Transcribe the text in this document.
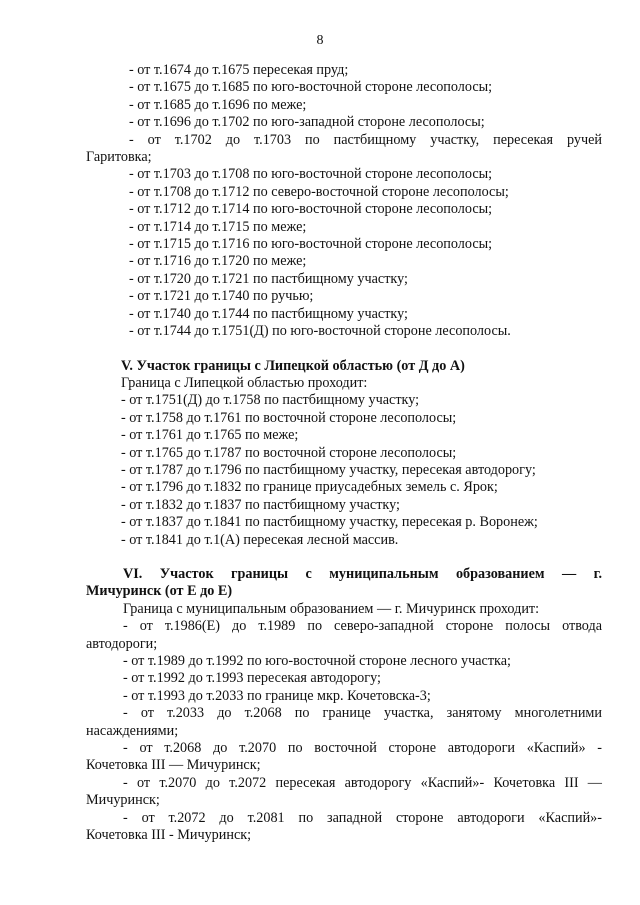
8
- от т.1674 до т.1675 пересекая пруд;
- от т.1675 до т.1685 по юго-восточной стороне лесополосы;
- от т.1685 до т.1696 по меже;
- от т.1696 до т.1702 по юго-западной стороне лесополосы;
- от т.1702 до т.1703 по пастбищному участку, пересекая ручей
Гаритовка;
- от т.1703 до т.1708 по юго-восточной стороне лесополосы;
- от т.1708 до т.1712 по северо-восточной стороне лесополосы;
- от т.1712 до т.1714 по юго-восточной стороне лесополосы;
- от т.1714 до т.1715 по меже;
- от т.1715 до т.1716 по юго-восточной стороне лесополосы;
- от т.1716 до т.1720 по меже;
- от т.1720 до т.1721 по пастбищному участку;
- от т.1721 до т.1740 по ручью;
- от т.1740 до т.1744 по пастбищному участку;
- от т.1744 до т.1751(Д) по юго-восточной стороне лесополосы.
V. Участок границы с Липецкой областью (от Д до А)
Граница с Липецкой областью проходит:
- от т.1751(Д) до т.1758 по пастбищному участку;
- от т.1758 до т.1761 по восточной стороне лесополосы;
- от т.1761 до т.1765 по меже;
- от т.1765 до т.1787 по восточной стороне лесополосы;
- от т.1787 до т.1796 по пастбищному участку, пересекая автодорогу;
- от т.1796 до т.1832 по границе приусадебных земель с. Ярок;
- от т.1832 до т.1837 по пастбищному участку;
- от т.1837 до т.1841 по пастбищному участку, пересекая р. Воронеж;
- от т.1841 до т.1(А) пересекая лесной массив.
VI. Участок границы с муниципальным образованием — г.
Мичуринск (от Е до Е)
Граница с муниципальным образованием — г. Мичуринск проходит:
- от т.1986(Е) до т.1989 по северо-западной стороне полосы отвода
автодороги;
- от т.1989 до т.1992 по юго-восточной стороне лесного участка;
- от т.1992 до т.1993 пересекая автодорогу;
- от т.1993 до т.2033 по границе мкр. Кочетовска-3;
- от т.2033 до т.2068 по границе участка, занятому многолетними
насаждениями;
- от т.2068 до т.2070 по восточной стороне автодороги «Каспий» -
Кочетовка III — Мичуринск;
- от т.2070 до т.2072 пересекая автодорогу «Каспий»- Кочетовка III —
Мичуринск;
- от т.2072 до т.2081 по западной стороне автодороги «Каспий»-
Кочетовка III - Мичуринск;
